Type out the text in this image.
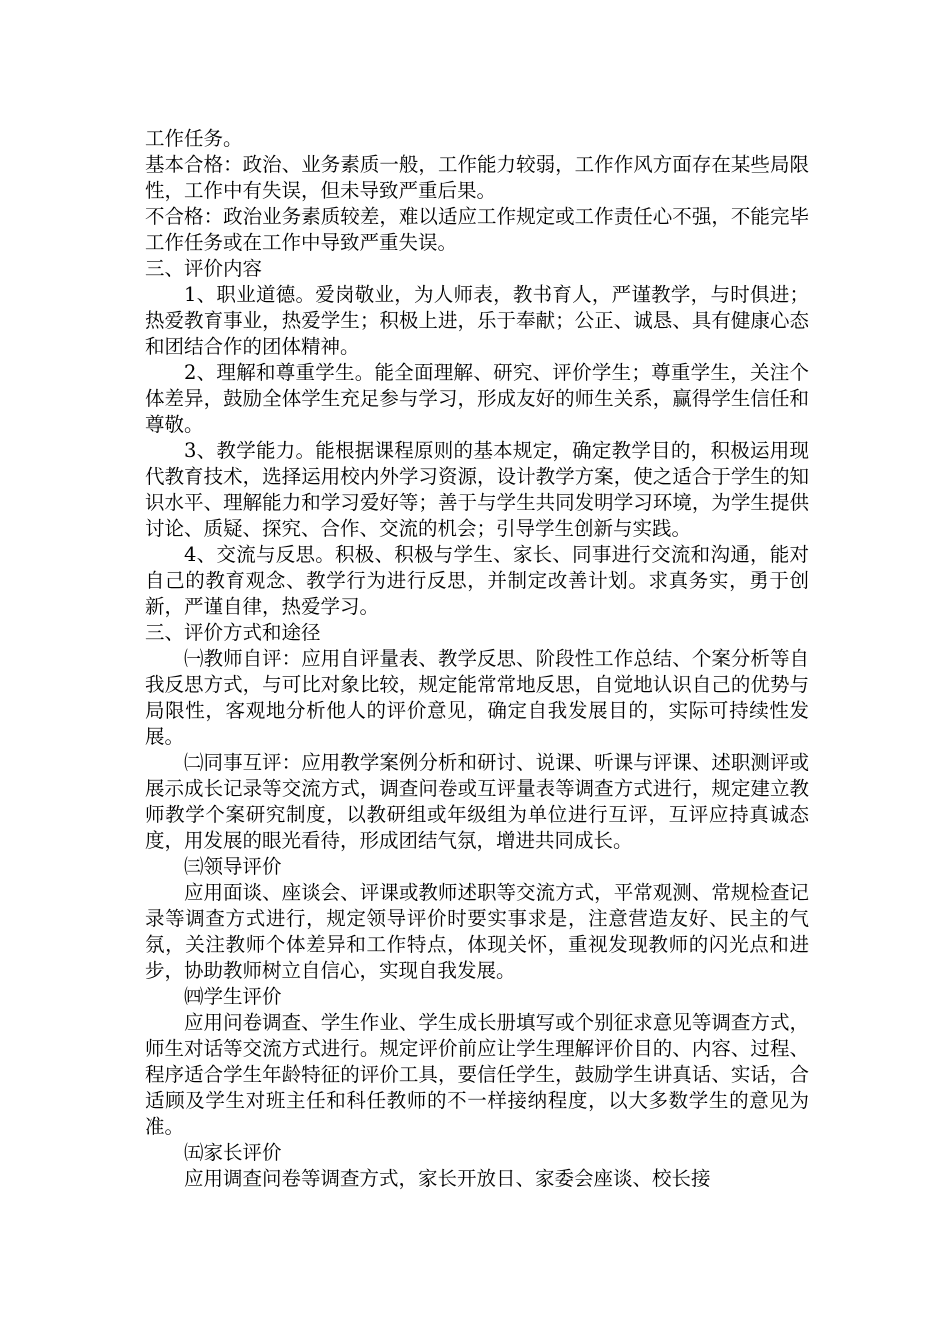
工作任务。

基本合格：政治、业务素质一般，工作能力较弱，工作作风方面存在某些局限性，工作中有失误，但未导致严重后果。

不合格：政治业务素质较差，难以适应工作规定或工作责任心不强，不能完毕工作任务或在工作中导致严重失误。

三、评价内容

1、职业道德。爱岗敬业，为人师表，教书育人，严谨教学，与时俱进；热爱教育事业，热爱学生；积极上进，乐于奉献；公正、诚恳、具有健康心态和团结合作的团体精神。

2、理解和尊重学生。能全面理解、研究、评价学生；尊重学生，关注个体差异，鼓励全体学生充足参与学习，形成友好的师生关系，赢得学生信任和尊敬。

3、教学能力。能根据课程原则的基本规定，确定教学目的，积极运用现代教育技术，选择运用校内外学习资源，设计教学方案，使之适合于学生的知识水平、理解能力和学习爱好等；善于与学生共同发明学习环境，为学生提供讨论、质疑、探究、合作、交流的机会；引导学生创新与实践。

4、交流与反思。积极、积极与学生、家长、同事进行交流和沟通，能对自己的教育观念、教学行为进行反思，并制定改善计划。求真务实，勇于创新，严谨自律，热爱学习。

三、评价方式和途径

㈠教师自评：应用自评量表、教学反思、阶段性工作总结、个案分析等自我反思方式，与可比对象比较，规定能常常地反思，自觉地认识自己的优势与局限性，客观地分析他人的评价意见，确定自我发展目的，实际可持续性发展。

㈡同事互评：应用教学案例分析和研讨、说课、听课与评课、述职测评或展示成长记录等交流方式，调查问卷或互评量表等调查方式进行，规定建立教师教学个案研究制度，以教研组或年级组为单位进行互评，互评应持真诚态度，用发展的眼光看待，形成团结气氛，增进共同成长。

㈢领导评价

应用面谈、座谈会、评课或教师述职等交流方式，平常观测、常规检查记录等调查方式进行，规定领导评价时要实事求是，注意营造友好、民主的气氛，关注教师个体差异和工作特点，体现关怀，重视发现教师的闪光点和进步，协助教师树立自信心，实现自我发展。

㈣学生评价

应用问卷调查、学生作业、学生成长册填写或个别征求意见等调查方式，师生对话等交流方式进行。规定评价前应让学生理解评价目的、内容、过程、程序适合学生年龄特征的评价工具，要信任学生，鼓励学生讲真话、实话，合适顾及学生对班主任和科任教师的不一样接纳程度，以大多数学生的意见为准。

㈤家长评价

应用调查问卷等调查方式，家长开放日、家委会座谈、校长接
